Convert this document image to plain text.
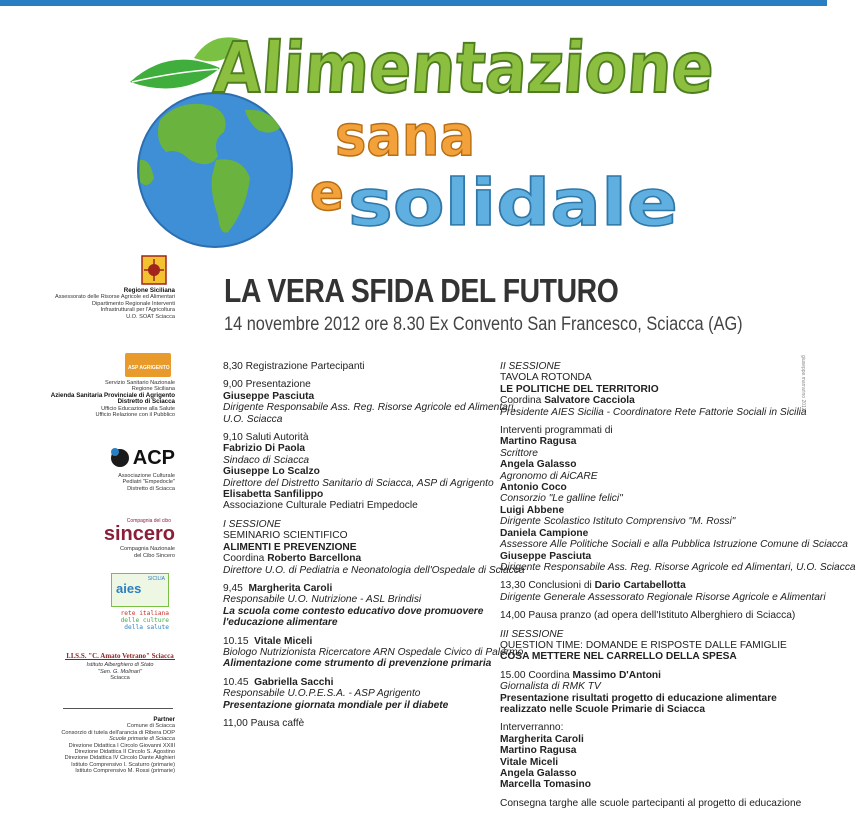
Alimentazione
sana
e solidale
giuseppe.marrarino 2012
Regione Siciliana
Assessorato delle Risorse Agricole ed Alimentari
Dipartimento Regionale Interventi
Infrastrutturali per l'Agricoltura
U.O. SOAT Sciacca
ASP AGRIGENTO
Servizio Sanitario Nazionale
Regione Siciliana
Azienda Sanitaria Provinciale di Agrigento
Distretto di Sciacca
Ufficio Educazione alla Salute
Ufficio Relazione con il Pubblico
ACP
Associazione Culturale
Pediatri "Empedocle"
Distretto di Sciacca
Compagnia del cibo
sincero
Compagnia Nazionale
del Cibo Sincero
SICILIA
aies
rete italiana
delle culture
della salute
I.I.S.S. "C. Amato Vetrano" Sciacca
Istituto Alberghiero di Stato
"Sen. G. Molinari"
Sciacca
Partner
Comune di Sciacca
Consorzio di tutela dell'arancia di Ribera DOP
Scuole primarie di Sciacca
Direzione Didattica I Circolo Giovanni XXIII
Direzione Didattica II Circolo S. Agostino
Direzione Didattica IV Circolo Dante Alighieri
Istituto Comprensivo I. Scaturro (primarie)
Istituto Comprensivo M. Rossi (primarie)
LA VERA SFIDA DEL FUTURO
14 novembre 2012 ore 8.30 Ex Convento San Francesco, Sciacca (AG)
8,30 Registrazione Partecipanti
9,00 Presentazione
Giuseppe Pasciuta
Dirigente Responsabile Ass. Reg. Risorse Agricole ed Alimentari,
U.O. Sciacca
9,10 Saluti Autorità
Fabrizio Di Paola
Sindaco di Sciacca
Giuseppe Lo Scalzo
Direttore del Distretto Sanitario di Sciacca, ASP di Agrigento
Elisabetta Sanfilippo
Associazione Culturale Pediatri Empedocle
I SESSIONE
SEMINARIO SCIENTIFICO
ALIMENTI E PREVENZIONE
Coordina Roberto Barcellona
Direttore U.O. di Pediatria e Neonatologia dell'Ospedale di Sciacca
9,45 Margherita Caroli
Responsabile U.O. Nutrizione - ASL Brindisi
La scuola come contesto educativo dove promuovere
l'educazione alimentare
10.15 Vitale Miceli
Biologo Nutrizionista Ricercatore ARN Ospedale Civico di Palermo
Alimentazione come strumento di prevenzione primaria
10.45 Gabriella Sacchi
Responsabile U.O.P.E.S.A. - ASP Agrigento
Presentazione giornata mondiale per il diabete
11,00 Pausa caffè
II SESSIONE
TAVOLA ROTONDA
LE POLITICHE DEL TERRITORIO
Coordina Salvatore Cacciola
Presidente AIES Sicilia - Coordinatore Rete Fattorie Sociali in Sicilia
Interventi programmati di
Martino Ragusa
Scrittore
Angela Galasso
Agronomo di AiCARE
Antonio Coco
Consorzio "Le galline felici"
Luigi Abbene
Dirigente Scolastico Istituto Comprensivo "M. Rossi"
Daniela Campione
Assessore Alle Politiche Sociali e alla Pubblica Istruzione Comune di Sciacca
Giuseppe Pasciuta
Dirigente Responsabile Ass. Reg. Risorse Agricole ed Alimentari, U.O. Sciacca
13,30 Conclusioni di Dario Cartabellotta
Dirigente Generale Assessorato Regionale Risorse Agricole e Alimentari
14,00 Pausa pranzo (ad opera dell'Istituto Alberghiero di Sciacca)
III SESSIONE
QUESTION TIME: DOMANDE E RISPOSTE DALLE FAMIGLIE
COSA METTERE NEL CARRELLO DELLA SPESA
15.00 Coordina Massimo D'Antoni
Giornalista di RMK TV
Presentazione risultati progetto di educazione alimentare
realizzato nelle Scuole Primarie di Sciacca
Interverranno:
Margherita Caroli
Martino Ragusa
Vitale Miceli
Angela Galasso
Marcella Tomasino
Consegna targhe alle scuole partecipanti al progetto di educazione
